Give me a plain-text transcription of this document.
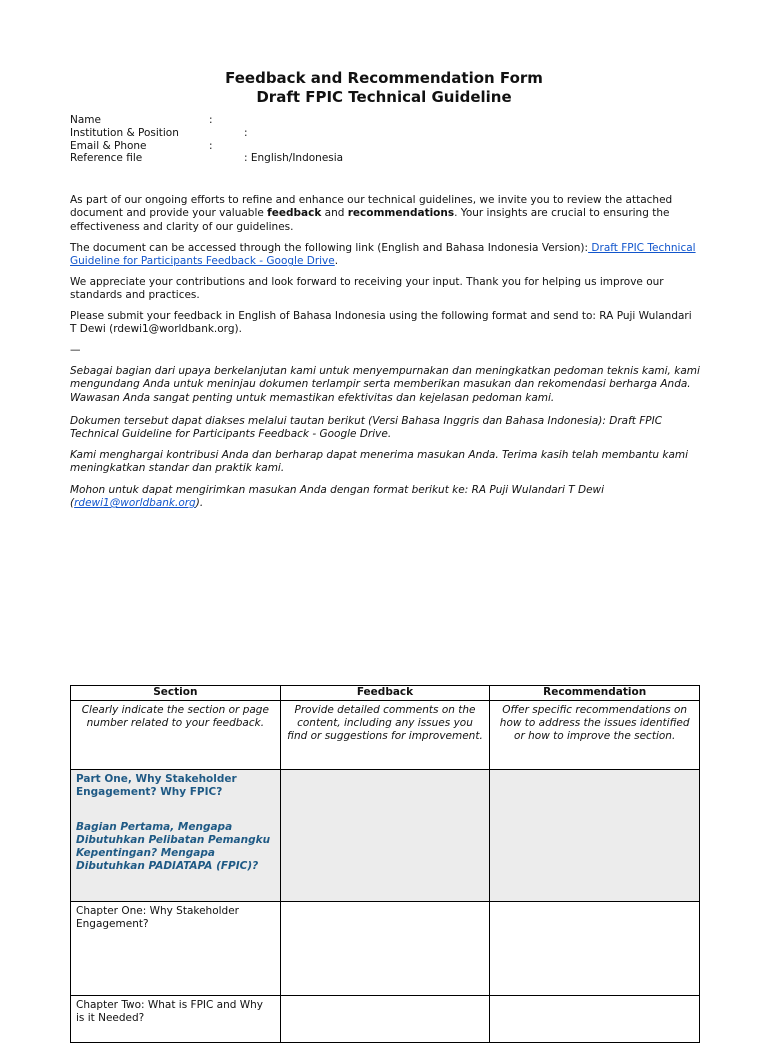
Feedback and Recommendation Form
Draft FPIC Technical Guideline
Name	:
Institution & Position	:
Email & Phone	:
Reference file	: English/Indonesia

As part of our ongoing efforts to refine and enhance our technical guidelines, we invite you to review the attached document and provide your valuable feedback and recommendations. Your insights are crucial to ensuring the effectiveness and clarity of our guidelines.

The document can be accessed through the following link (English and Bahasa Indonesia Version): Draft FPIC Technical Guideline for Participants Feedback - Google Drive.

We appreciate your contributions and look forward to receiving your input. Thank you for helping us improve our standards and practices.

Please submit your feedback in English of Bahasa Indonesia using the following format and send to: RA Puji Wulandari T Dewi (rdewi1@worldbank.org).

—

Sebagai bagian dari upaya berkelanjutan kami untuk menyempurnakan dan meningkatkan pedoman teknis kami, kami mengundang Anda untuk meninjau dokumen terlampir serta memberikan masukan dan rekomendasi berharga Anda. Wawasan Anda sangat penting untuk memastikan efektivitas dan kejelasan pedoman kami.

Dokumen tersebut dapat diakses melalui tautan berikut (Versi Bahasa Inggris dan Bahasa Indonesia): Draft FPIC Technical Guideline for Participants Feedback - Google Drive.

Kami menghargai kontribusi Anda dan berharap dapat menerima masukan Anda. Terima kasih telah membantu kami meningkatkan standar dan praktik kami.

Mohon untuk dapat mengirimkan masukan Anda dengan format berikut ke: RA Puji Wulandari T Dewi (rdewi1@worldbank.org).

Section	Feedback	Recommendation
Clearly indicate the section or page number related to your feedback.	Provide detailed comments on the content, including any issues you find or suggestions for improvement.	Offer specific recommendations on how to address the issues identified or how to improve the section.

Part One, Why Stakeholder Engagement? Why FPIC?
Bagian Pertama, Mengapa Dibutuhkan Pelibatan Pemangku Kepentingan? Mengapa Dibutuhkan PADIATAPA (FPIC)?		

Chapter One: Why Stakeholder Engagement?		
Chapter Two: What is FPIC and Why is it Needed?		
